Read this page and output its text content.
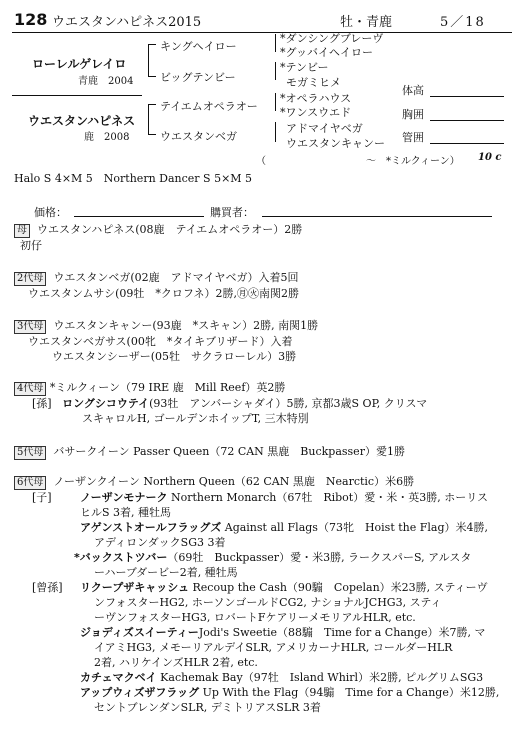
128 ウエスタンハピネス2015	牡・青鹿	5／18
ローレルゲレイロ
青鹿　2004
ウエスタンハピネス
鹿　2008
キングヘイロー
ビッグテンビー
テイエムオペラオー
ウエスタンベガ
*ダンシングブレーヴ
*グッバイヘイロー
*テンビー
モガミヒメ
*オペラハウス
*ワンスウエド
アドマイヤベガ
ウエスタンキャンー
体高
胸囲
管囲
（　　　　　　　　　　〜　*ミルクィーン） 10 c
Halo S 4×M 5　Northern Dancer S 5×M 5
価格：	購買者：
母 ウエスタンハピネス(08鹿　テイエムオペラオー）2勝
初仔
2代母 ウエスタンベガ(02鹿　アドマイヤベガ）入着5回
ウエスタンムサシ(09牡　*クロフネ）2勝,㊊㊋南関2勝
3代母 ウエスタンキャンー(93鹿　*スキャン）2勝, 南関1勝
ウエスタンベガサス(00牝　*タイキブリザード）入着
ウエスタンシーザー(05牡　サクラローレル）3勝
4代母 *ミルクィーン（79 IRE 鹿　Mill Reef）英2勝
[孫] ロングシコウテイ(93牡　アンバーシャダイ）5勝, 京都3歳S OP, クリスマ
スキャロルH, ゴールデンホイップT, 三木特別
5代母 バサークイーン Passer Queen（72 CAN 黒鹿　Buckpasser）愛1勝
6代母 ノーザンクイーン Northern Queen（62 CAN 黒鹿　Nearctic）米6勝
[子]	ノーザンモナーク Northern Monarch（67牡　Ribot）愛・米・英3勝, ホーリス
ヒルS 3着, 種牡馬
アゲンストオールフラッグズ Against all Flags（73牝　Hoist the Flag）米4勝,
アディロンダックSG3 3着
*バックストツバー（69牡　Buckpasser）愛・米3勝, ラークスパーS, アルスタ
ーハーブダービー2着, 種牡馬
[曾孫] リクープザキャッシュ Recoup the Cash（90騸　Copelan）米23勝, スティーヴ
ンフォスターHG2, ホーソンゴールドCG2, ナショナルJCHG3, スティ
ーヴンフォスターHG3, ロバートFケアリーメモリアルHLR, etc.
ジョディズスイーティーJodi's Sweetie（88騸　Time for a Change）米7勝, マ
イアミHG3, メモーリアルデイSLR, アメリカーナHLR, コールダーHLR
2着, ハリケインズHLR 2着, etc.
カチェマクベイ Kachemak Bay（97牡　Island Whirl）米2勝, ピルグリムSG3
アップウィズザフラッグ Up With the Flag（94騸　Time for a Change）米12勝,
セントブレンダンSLR, デミトリアスSLR 3着
